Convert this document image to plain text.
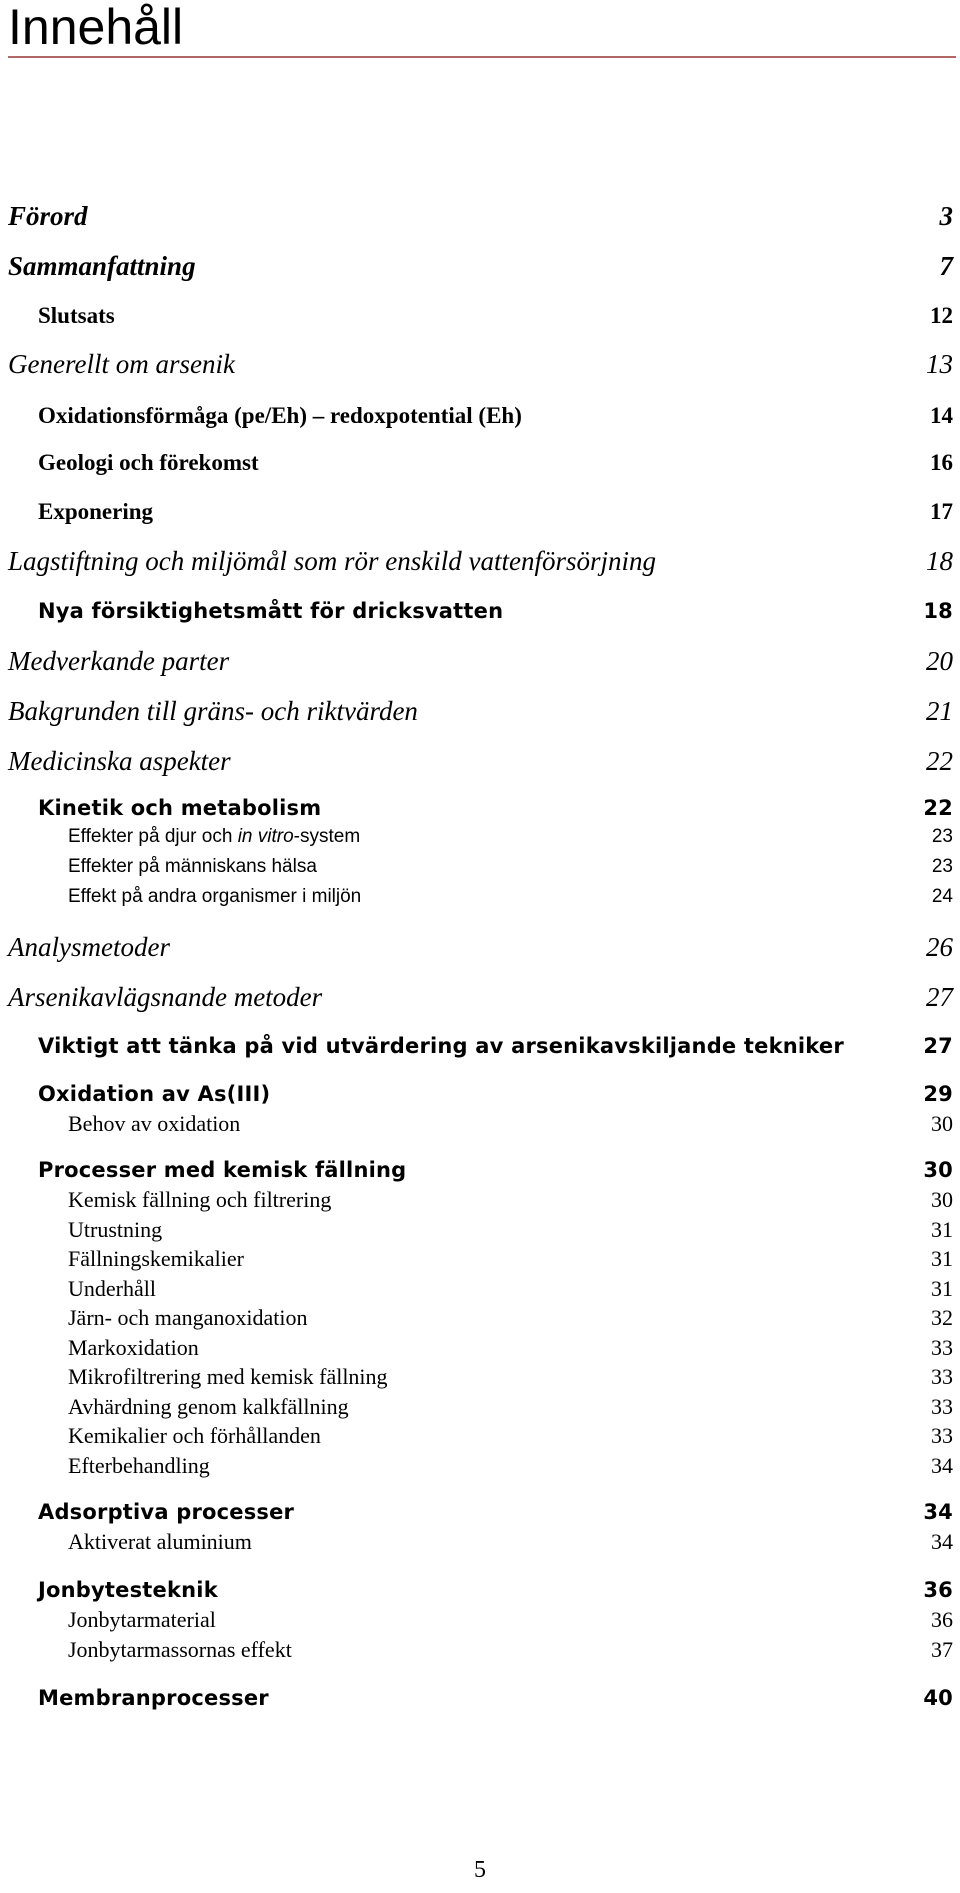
Innehåll
Förord	3
Sammanfattning	7
Slutsats	12
Generellt om arsenik	13
Oxidationsförmåga (pe/Eh) – redoxpotential (Eh)	14
Geologi och förekomst	16
Exponering	17
Lagstiftning och miljömål som rör enskild vattenförsörjning	18
Nya försiktighetsmått för dricksvatten	18
Medverkande parter	20
Bakgrunden till gräns- och riktvärden	21
Medicinska aspekter	22
Kinetik och metabolism	22
Effekter på djur och in vitro-system	23
Effekter på människans hälsa	23
Effekt på andra organismer i miljön	24
Analysmetoder	26
Arsenikavlägsnande metoder	27
Viktigt att tänka på vid utvärdering av arsenikavskiljande tekniker	27
Oxidation av As(III)	29
Behov av oxidation	30
Processer med kemisk fällning	30
Kemisk fällning och filtrering	30
Utrustning	31
Fällningskemikalier	31
Underhåll	31
Järn- och manganoxidation	32
Markoxidation	33
Mikrofiltrering med kemisk fällning	33
Avhärdning genom kalkfällning	33
Kemikalier och förhållanden	33
Efterbehandling	34
Adsorptiva processer	34
Aktiverat aluminium	34
Jonbytesteknik	36
Jonbytarmaterial	36
Jonbytarmassornas effekt	37
Membranprocesser	40
5
